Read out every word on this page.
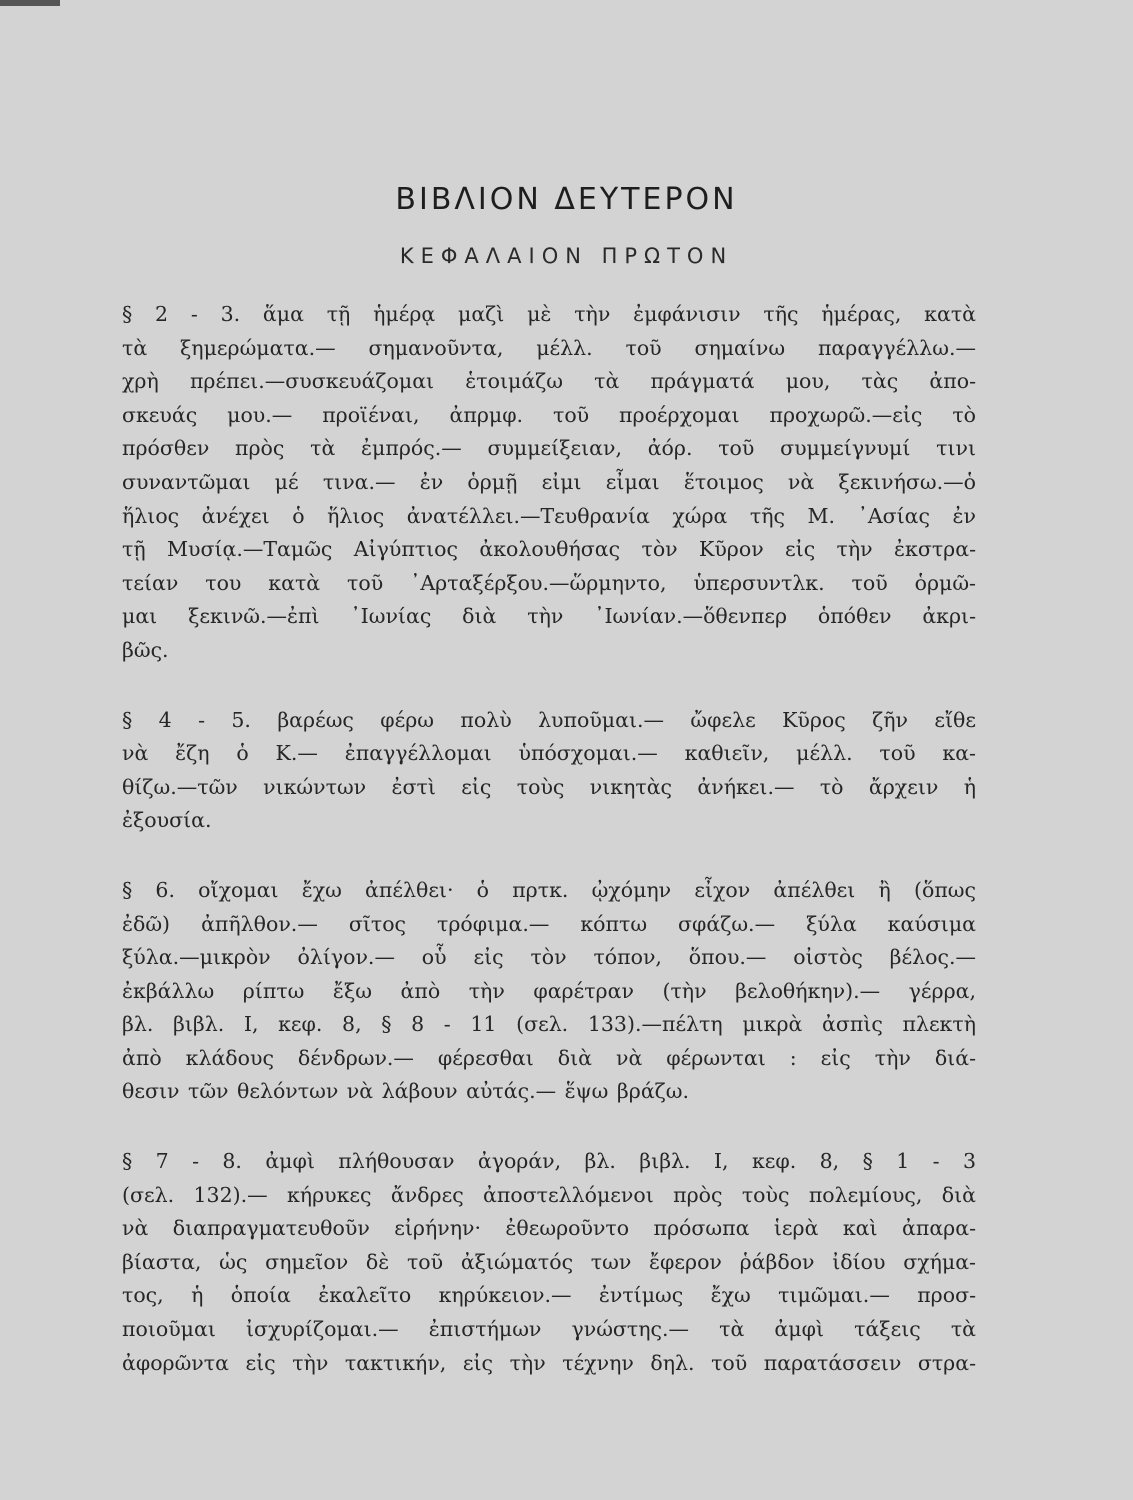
ΒΙΒΛΙΟΝ ΔΕΥΤΕΡΟΝ
ΚΕΦΑΛΑΙΟΝ ΠΡΩΤΟΝ
§ 2 - 3. ἅμα τῇ ἡμέρᾳ μαζὶ μὲ τὴν ἐμφάνισιν τῆς ἡμέρας, κατὰ
τὰ ξημερώματα.— σημανοῦντα, μέλλ. τοῦ σημαίνω παραγγέλλω.—
χρὴ πρέπει.—συσκευάζομαι ἑτοιμάζω τὰ πράγματά μου, τὰς ἀπο-
σκευάς μου.— προϊέναι, ἀπρμφ. τοῦ προέρχομαι προχωρῶ.—εἰς τὸ
πρόσθεν πρὸς τὰ ἐμπρός.— συμμείξειαν, ἀόρ. τοῦ συμμείγνυμί τινι
συναντῶμαι μέ τινα.— ἐν ὁρμῇ εἰμι εἶμαι ἕτοιμος νὰ ξεκινήσω.—ὁ
ἥλιος ἀνέχει ὁ ἥλιος ἀνατέλλει.—Τευθρανία χώρα τῆς Μ. ᾿Ασίας ἐν
τῇ Μυσίᾳ.—Ταμῶς Αἰγύπτιος ἀκολουθήσας τὸν Κῦρον εἰς τὴν ἐκστρα-
τείαν του κατὰ τοῦ ᾿Αρταξέρξου.—ὥρμηντο, ὑπερσυντλκ. τοῦ ὁρμῶ-
μαι ξεκινῶ.—ἐπὶ ᾿Ιωνίας διὰ τὴν ᾿Ιωνίαν.—ὅθενπερ ὁπόθεν ἀκρι-
βῶς.
§ 4 - 5. βαρέως φέρω πολὺ λυποῦμαι.— ὤφελε Κῦρος ζῆν εἴθε
νὰ ἔζη ὁ Κ.— ἐπαγγέλλομαι ὑπόσχομαι.— καθιεῖν, μέλλ. τοῦ κα-
θίζω.—τῶν νικώντων ἐστὶ εἰς τοὺς νικητὰς ἀνήκει.— τὸ ἄρχειν ἡ
ἐξουσία.
§ 6. οἴχομαι ἔχω ἀπέλθει· ὁ πρτκ. ᾠχόμην εἶχον ἀπέλθει ἢ (ὅπως
ἐδῶ) ἀπῆλθον.— σῖτος τρόφιμα.— κόπτω σφάζω.— ξύλα καύσιμα
ξύλα.—μικρὸν ὀλίγον.— οὗ εἰς τὸν τόπον, ὅπου.— οἰστὸς βέλος.—
ἐκβάλλω ρίπτω ἔξω ἀπὸ τὴν φαρέτραν (τὴν βελοθήκην).— γέρρα,
βλ. βιβλ. Ι, κεφ. 8, § 8 - 11 (σελ. 133).—πέλτη μικρὰ ἀσπὶς πλεκτὴ
ἀπὸ κλάδους δένδρων.— φέρεσθαι διὰ νὰ φέρωνται : εἰς τὴν διά-
θεσιν τῶν θελόντων νὰ λάβουν αὐτάς.— ἕψω βράζω.
§ 7 - 8. ἀμφὶ πλήθουσαν ἀγοράν, βλ. βιβλ. Ι, κεφ. 8, § 1 - 3
(σελ. 132).— κήρυκες ἄνδρες ἀποστελλόμενοι πρὸς τοὺς πολεμίους, διὰ
νὰ διαπραγματευθοῦν εἰρήνην· ἐθεωροῦντο πρόσωπα ἱερὰ καὶ ἀπαρα-
βίαστα, ὡς σημεῖον δὲ τοῦ ἀξιώματός των ἔφερον ῥάβδον ἰδίου σχήμα-
τος, ἡ ὁποία ἐκαλεῖτο κηρύκειον.— ἐντίμως ἔχω τιμῶμαι.— προσ-
ποιοῦμαι ἰσχυρίζομαι.— ἐπιστήμων γνώστης.— τὰ ἀμφὶ τάξεις τὰ
ἀφορῶντα εἰς τὴν τακτικήν, εἰς τὴν τέχνην δηλ. τοῦ παρατάσσειν στρα-
